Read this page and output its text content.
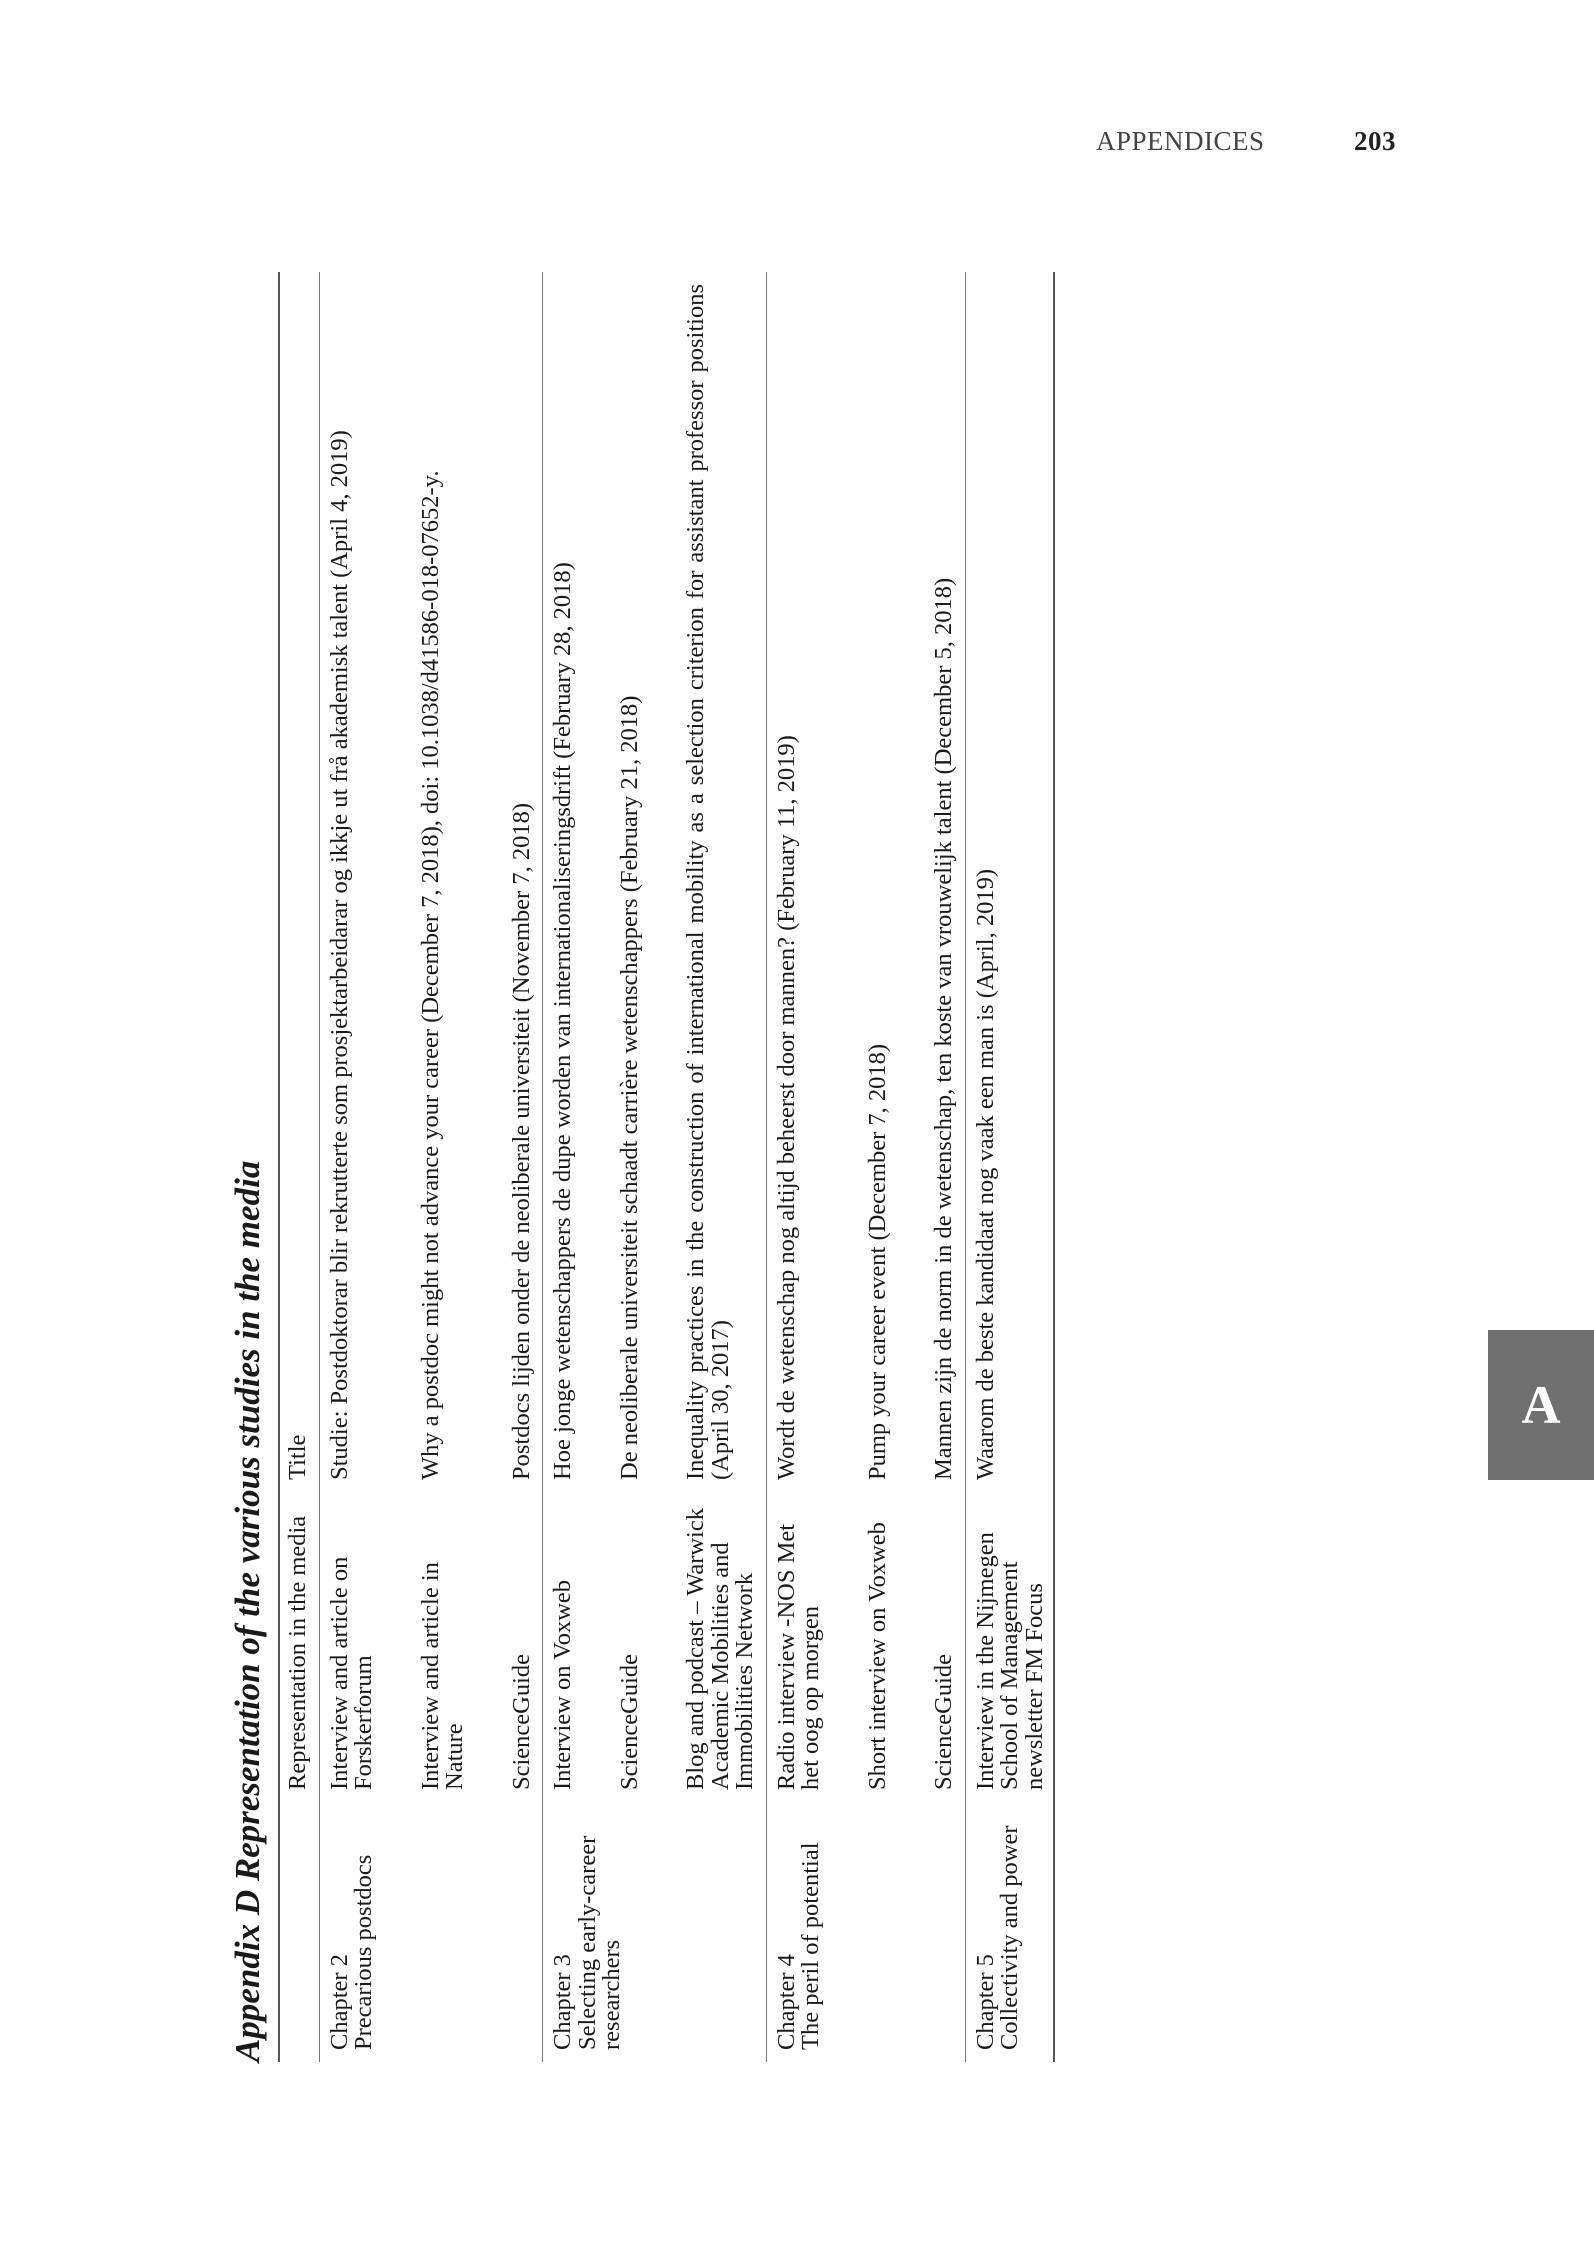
APPENDICES	203
A
Appendix D Representation of the various studies in the media
	Representation in the media	Title

Chapter 2
Precarious postdocs	Interview and article on Forskerforum	Studie: Postdoktorar blir rekrutterte som prosjektarbeidarar og ikkje ut frå akademisk talent (April 4, 2019)
	Interview and article in Nature	Why a postdoc might not advance your career (December 7, 2018), doi: 10.1038/d41586-018-07652-y.
	ScienceGuide	Postdocs lijden onder de neoliberale universiteit (November 7, 2018)

Chapter 3
Selecting early-career researchers	Interview on Voxweb	Hoe jonge wetenschappers de dupe worden van internationaliseringsdrift (February 28, 2018)
	ScienceGuide	De neoliberale universiteit schaadt carrière wetenschappers (February 21, 2018)
	Blog and podcast – Warwick Academic Mobilities and Immobilities Network	Inequality practices in the construction of international mobility as a selection criterion for assistant professor positions (April 30, 2017)

Chapter 4
The peril of potential	Radio interview -NOS Met het oog op morgen	Wordt de wetenschap nog altijd beheerst door mannen? (February 11, 2019)
	Short interview on Voxweb	Pump your career event (December 7, 2018)
	ScienceGuide	Mannen zijn de norm in de wetenschap, ten koste van vrouwelijk talent (December 5, 2018)

Chapter 5
Collectivity and power	Interview in the Nijmegen School of Management newsletter FM Focus	Waarom de beste kandidaat nog vaak een man is (April, 2019)
